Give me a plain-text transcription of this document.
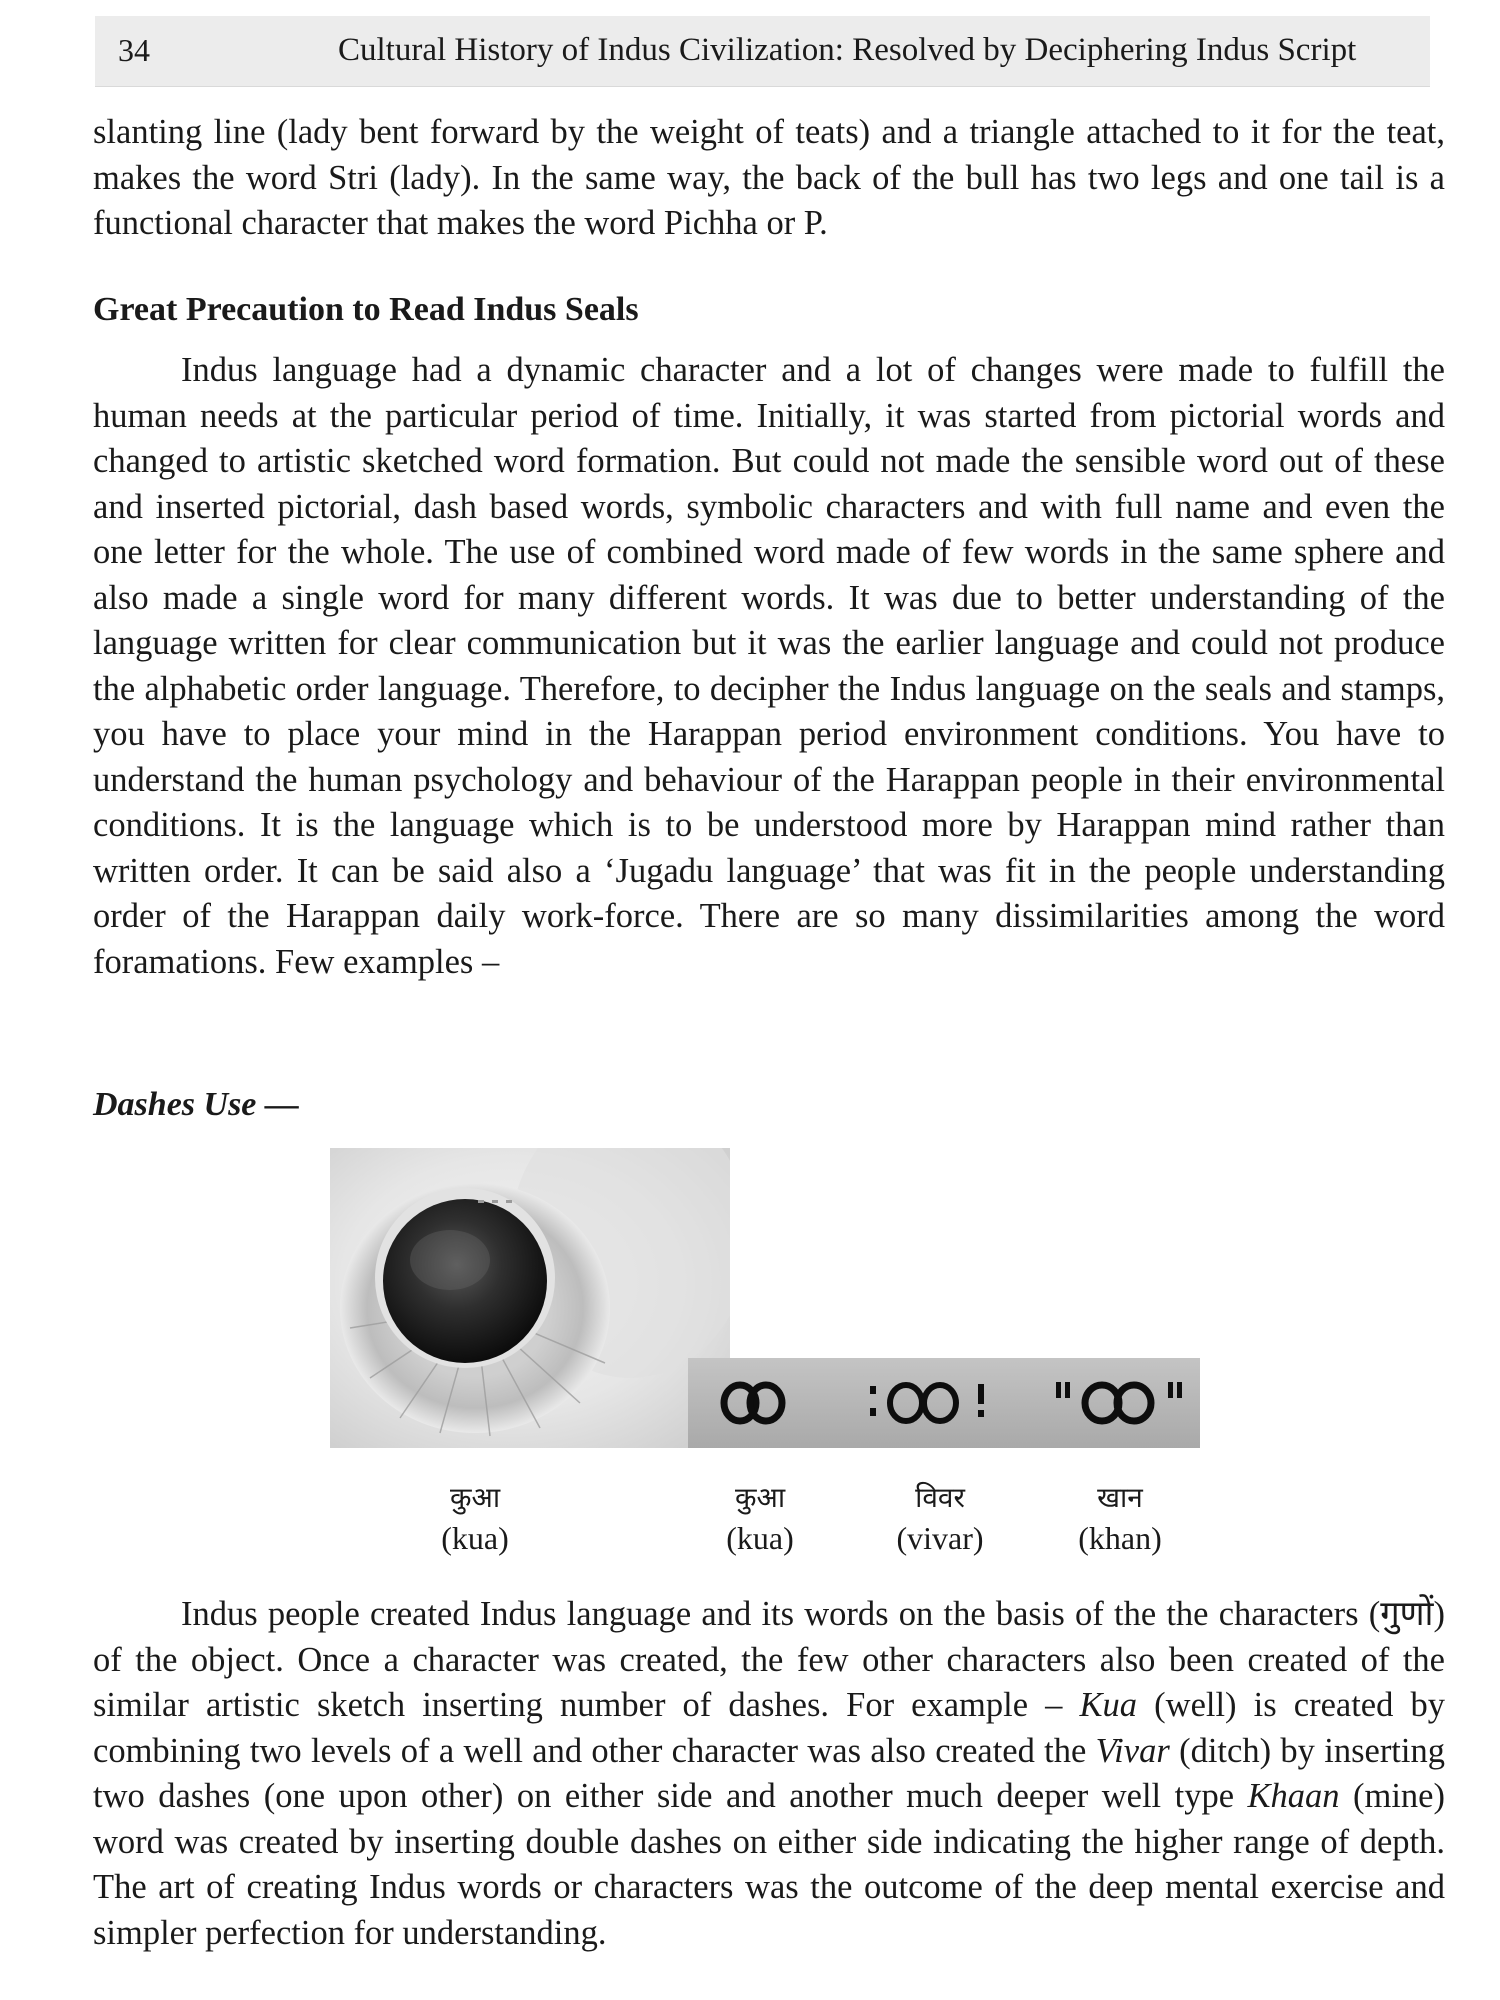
34	Cultural History of Indus Civilization: Resolved by Deciphering Indus Script

slanting line (lady bent forward by the weight of teats) and a triangle attached to it for the teat, makes the word Stri (lady). In the same way, the back of the bull has two legs and one tail is a functional character that makes the word Pichha or P.

Great Precaution to Read Indus Seals

Indus language had a dynamic character and a lot of changes were made to fulfill the human needs at the particular period of time. Initially, it was started from pictorial words and changed to artistic sketched word formation. But could not made the sensible word out of these and inserted pictorial, dash based words, symbolic characters and with full name and even the one letter for the whole. The use of combined word made of few words in the same sphere and also made a single word for many different words. It was due to better understanding of the language written for clear communication but it was the earlier language and could not produce the alphabetic order language. Therefore, to decipher the Indus language on the seals and stamps, you have to place your mind in the Harappan period environment conditions. You have to understand the human psychology and behaviour of the Harappan people in their environmental conditions. It is the language which is to be understood more by Harappan mind rather than written order. It can be said also a ‘Jugadu language’ that was fit in the people understanding order of the Harappan daily work-force. There are so many dissimilarities among the word foramations. Few examples –

Dashes Use —
कुआ
(kua)
कुआ
(kua)
विवर
(vivar)
खान
(khan)

Indus people created Indus language and its words on the basis of the the characters (गुणों) of the object. Once a character was created, the few other characters also been created of the similar artistic sketch inserting number of dashes. For example – Kua (well) is created by combining two levels of a well and other character was also created the Vivar (ditch) by inserting two dashes (one upon other) on either side and another much deeper well type Khaan (mine) word was created by inserting double dashes on either side indicating the higher range of depth. The art of creating Indus words or characters was the outcome of the deep mental exercise and simpler perfection for understanding.
